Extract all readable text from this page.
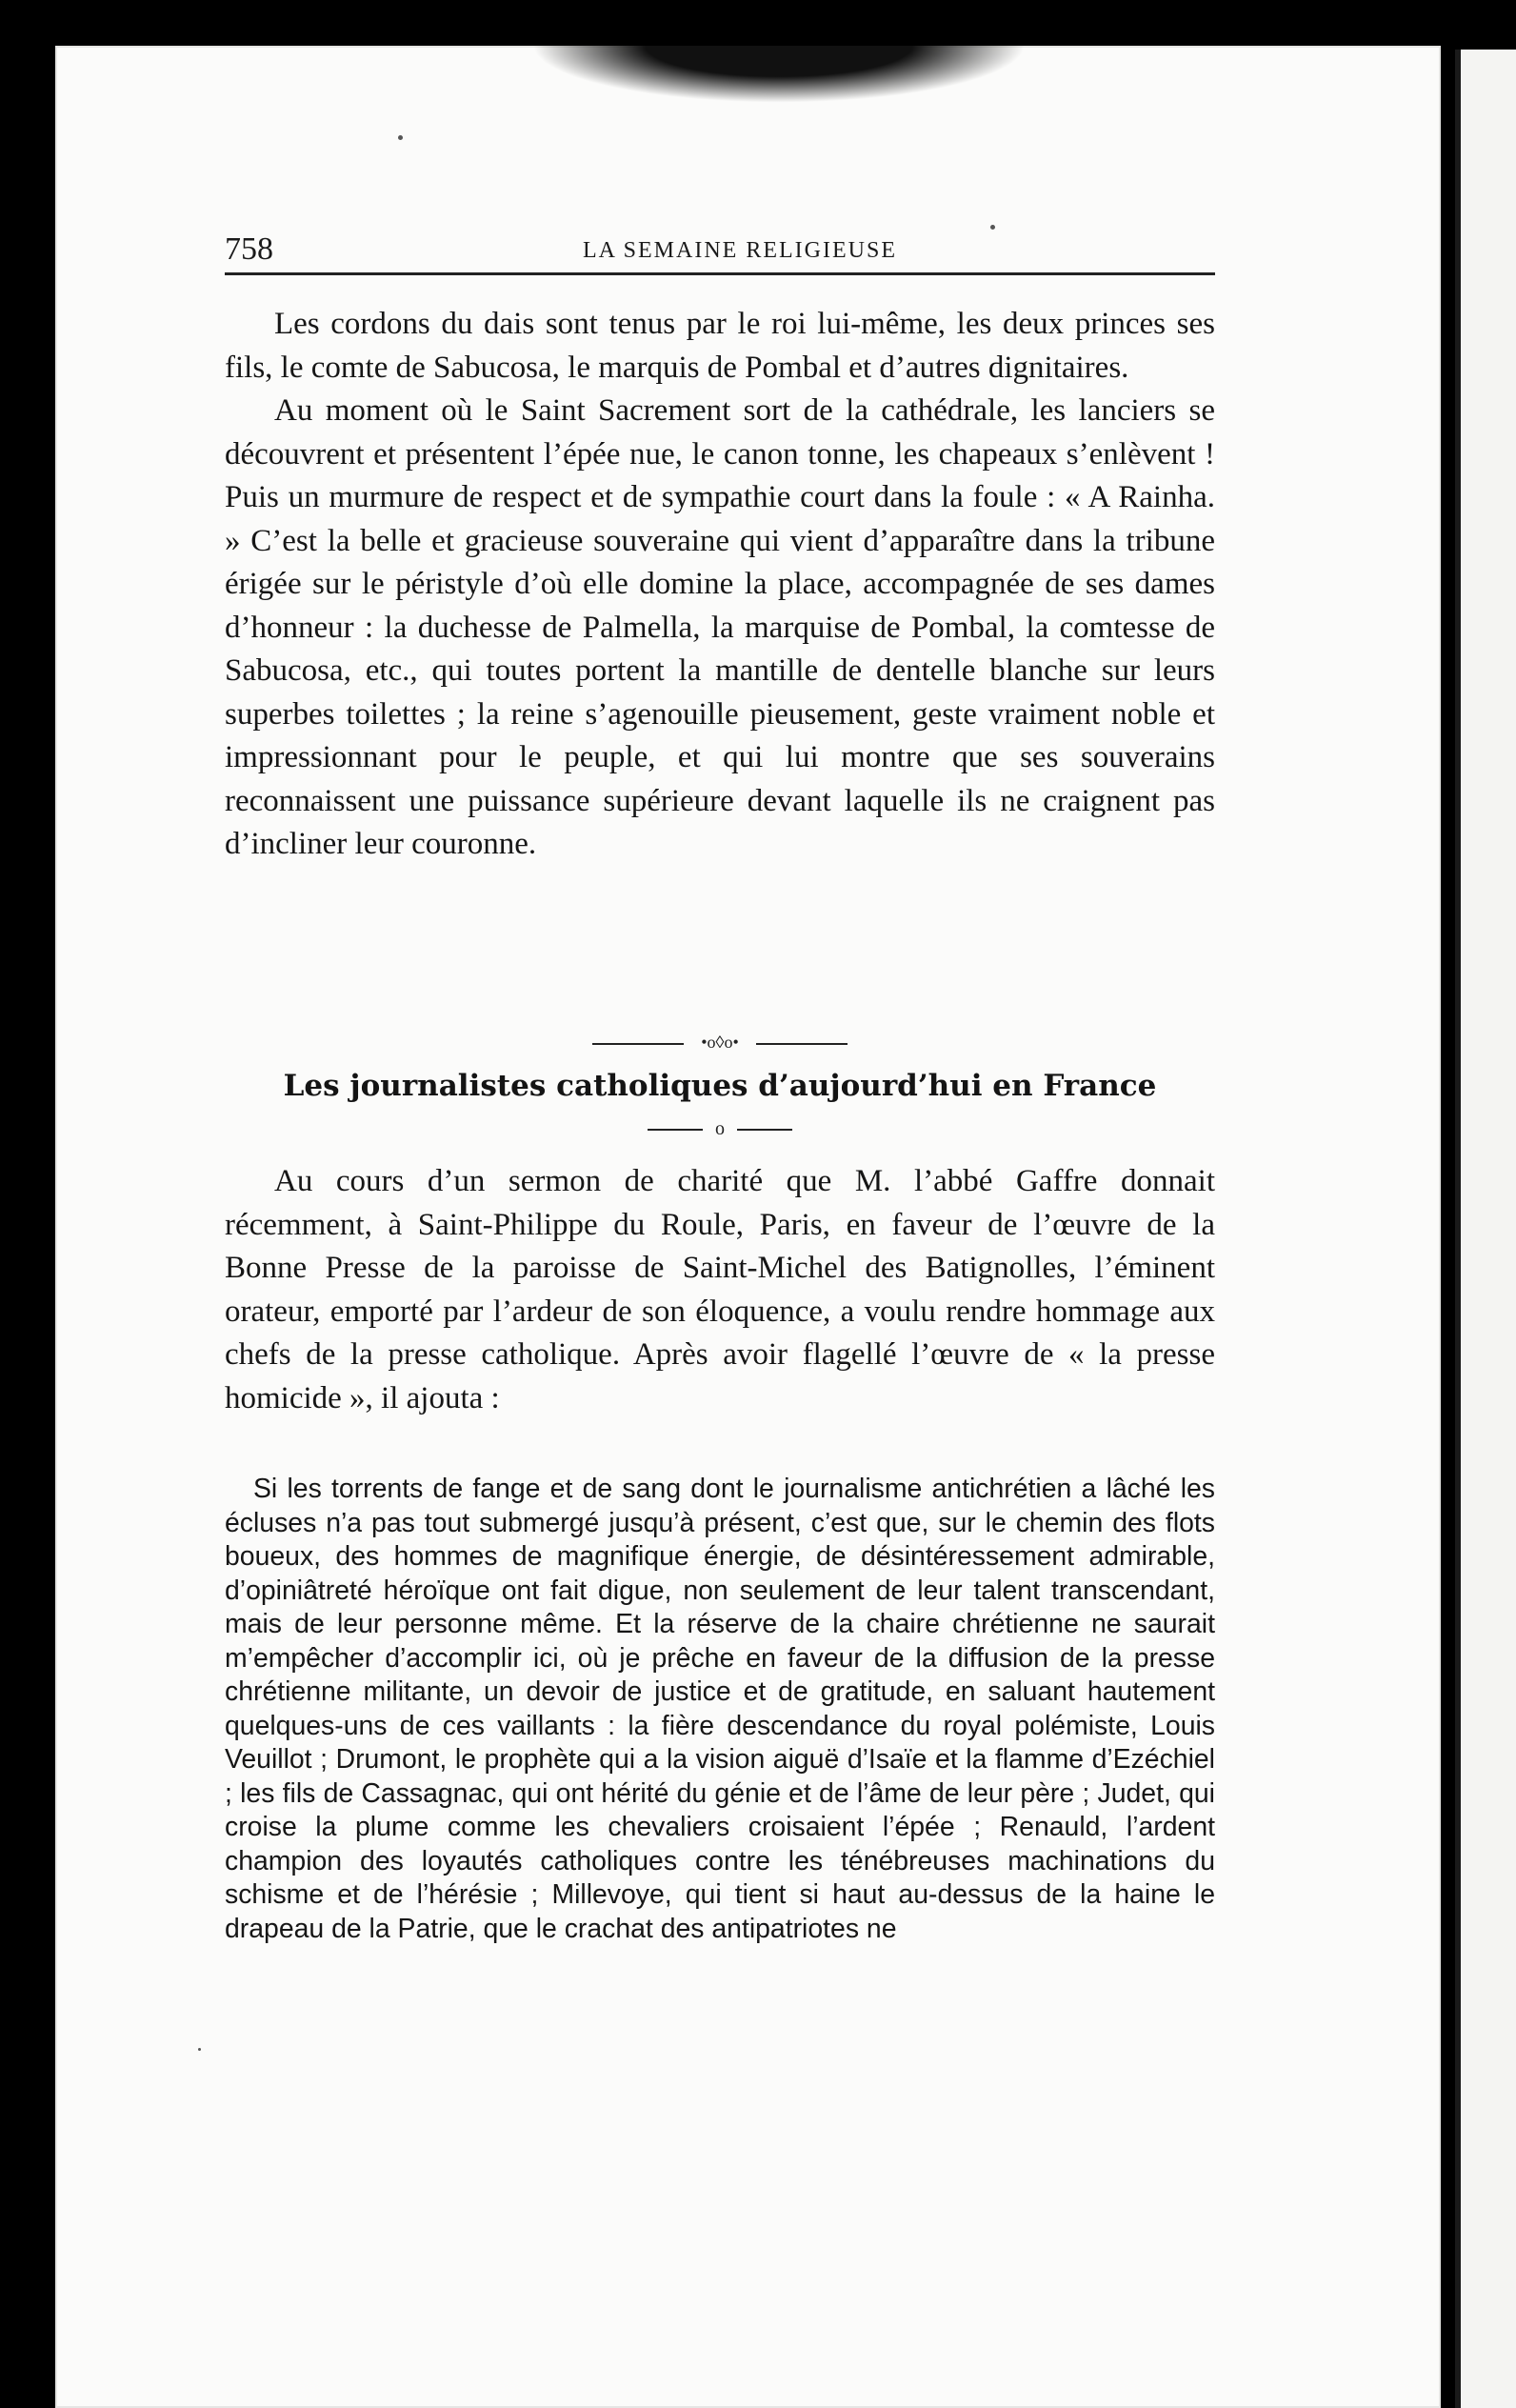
758	LA SEMAINE RELIGIEUSE

Les cordons du dais sont tenus par le roi lui-même, les deux princes ses fils, le comte de Sabucosa, le marquis de Pombal et d’autres dignitaires.

Au moment où le Saint Sacrement sort de la cathédrale, les lanciers se découvrent et présentent l’épée nue, le canon tonne, les chapeaux s’enlèvent ! Puis un murmure de respect et de sympathie court dans la foule : « A Rainha. » C’est la belle et gracieuse souveraine qui vient d’apparaître dans la tribune érigée sur le péristyle d’où elle domine la place, accompagnée de ses dames d’honneur : la duchesse de Palmella, la marquise de Pombal, la comtesse de Sabucosa, etc., qui toutes portent la mantille de dentelle blanche sur leurs superbes toilettes ; la reine s’agenouille pieusement, geste vraiment noble et impressionnant pour le peuple, et qui lui montre que ses souverains reconnaissent une puissance supérieure devant laquelle ils ne craignent pas d’incliner leur couronne.

•o◊o•
Les journalistes catholiques d’aujourd’hui en France
o

Au cours d’un sermon de charité que M. l’abbé Gaffre donnait récemment, à Saint-Philippe du Roule, Paris, en faveur de l’œuvre de la Bonne Presse de la paroisse de Saint-Michel des Batignolles, l’éminent orateur, emporté par l’ardeur de son éloquence, a voulu rendre hommage aux chefs de la presse catholique. Après avoir flagellé l’œuvre de « la presse homicide », il ajouta :

Si les torrents de fange et de sang dont le journalisme antichrétien a lâché les écluses n’a pas tout submergé jusqu’à présent, c’est que, sur le chemin des flots boueux, des hommes de magnifique énergie, de désintéressement admirable, d’opiniâtreté héroïque ont fait digue, non seulement de leur talent transcendant, mais de leur personne même. Et la réserve de la chaire chrétienne ne saurait m’empêcher d’accomplir ici, où je prêche en faveur de la diffusion de la presse chrétienne militante, un devoir de justice et de gratitude, en saluant hautement quelques-uns de ces vaillants : la fière descendance du royal polémiste, Louis Veuillot ; Drumont, le prophète qui a la vision aiguë d’Isaïe et la flamme d’Ezéchiel ; les fils de Cassagnac, qui ont hérité du génie et de l’âme de leur père ; Judet, qui croise la plume comme les chevaliers croisaient l’épée ; Renauld, l’ardent champion des loyautés catholiques contre les ténébreuses machinations du schisme et de l’hérésie ; Millevoye, qui tient si haut au-dessus de la haine le drapeau de la Patrie, que le crachat des antipatriotes ne
